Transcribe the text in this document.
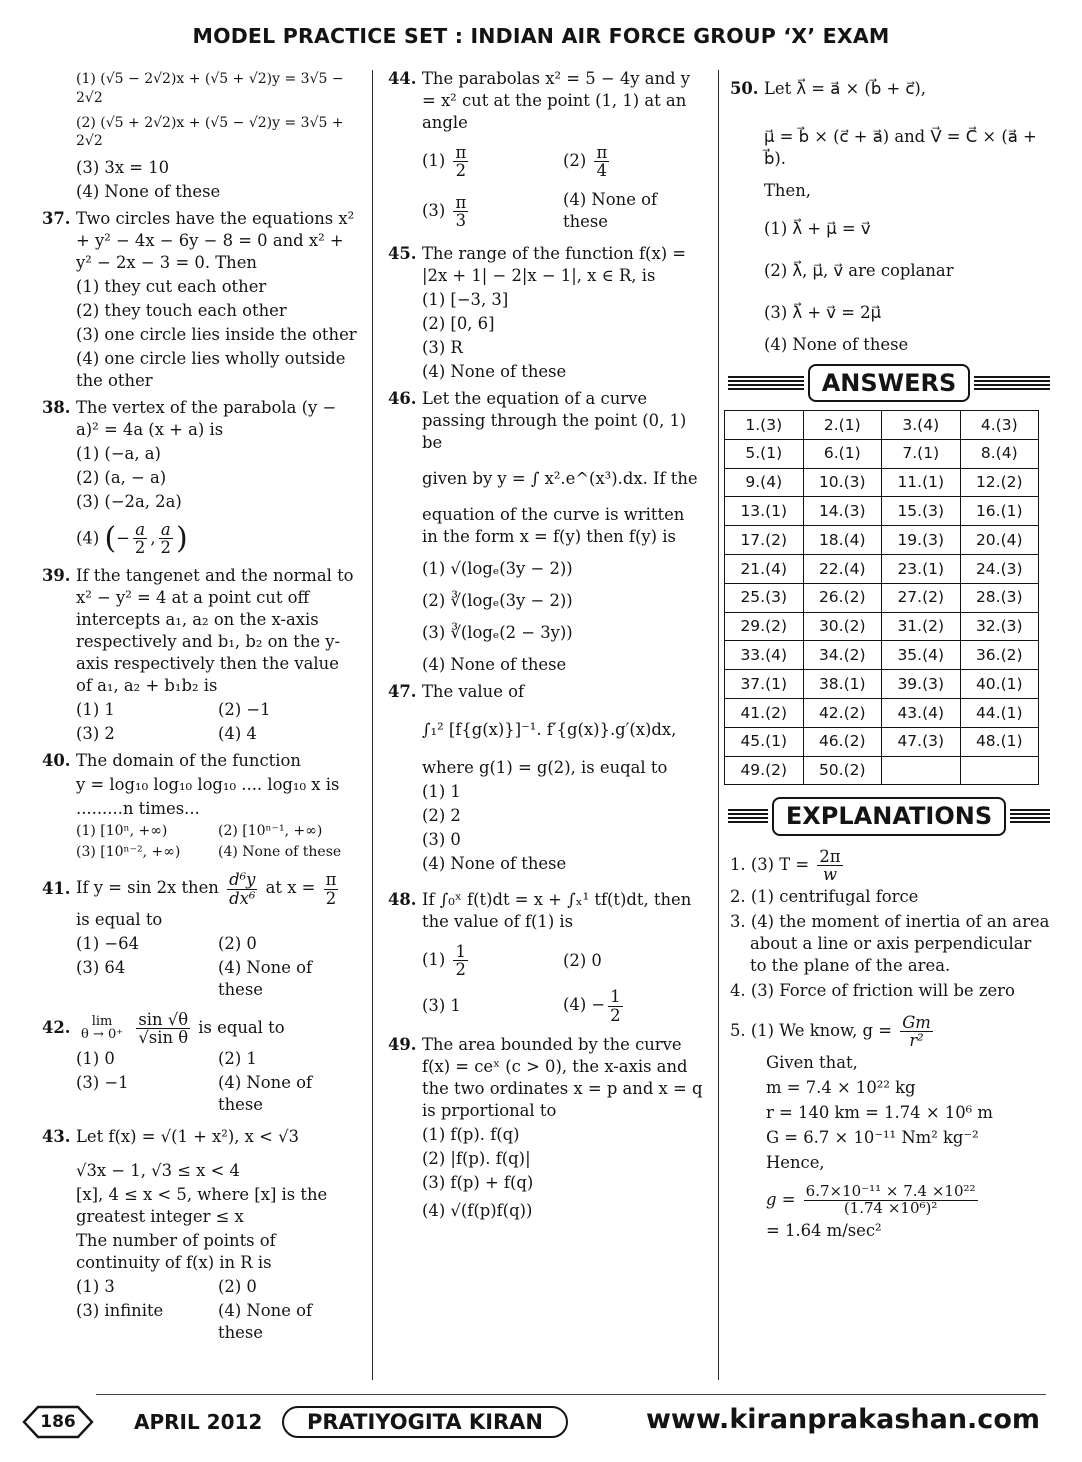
MODEL PRACTICE SET : INDIAN AIR FORCE GROUP ‘X’ EXAM
(1) (√5 − 2√2)x + (√5 + √2)y = 3√5 − 2√2
(2) (√5 + 2√2)x + (√5 − √2)y = 3√5 + 2√2
(3) 3x = 10
(4) None of these
37. Two circles have the equations x² + y² − 4x − 6y − 8 = 0 and x² + y² − 2x − 3 = 0. Then
(1) they cut each other
(2) they touch each other
(3) one circle lies inside the other
(4) one circle lies wholly outside the other
38. The vertex of the parabola (y − a)² = 4a (x + a) is
(1) (−a, a)
(2) (a, − a)
(3) (−2a, 2a)
(4) (− $\frac{a}{2}$ , $\frac{a}{2}$ )
39. If the tangenet and the normal to x² − y² = 4 at a point cut off intercepts a₁, a₂ on the x-axis respectively and b₁, b₂ on the y-axis respectively then the value of a₁, a₂ + b₁b₂ is
(1) 1	(2) −1
(3) 2	(4) 4
40. The domain of the function
y = log₁₀ log₁₀ log₁₀ .... log₁₀ x is
.........n times...
(1) [10ⁿ, +∞)	(2) [10ⁿ⁻¹, +∞)
(3) [10ⁿ⁻², +∞)	(4) None of these
41. If y = sin 2x then $\frac{\text{d⁶y}}{\text{dx⁶}}$ at $x = \frac{\pi}{2}$
is equal to
(1) −64	(2) 0
(3) 64	(4) None of these
42.	lim
θ → 0⁺
$\frac{\sin √\theta}{\text{√sin θ}}$ is equal to
(1) 0	(2) 1
(3) −1	(4) None of these
43. Let f(x) = √(1 + x²), x < √3
√3x − 1, √3 ≤ x < 4
[x], 4 ≤ x < 5, where [x] is the greatest integer ≤ x
The number of points of continuity of f(x) in R is
(1) 3	(2) 0
(3) infinite	(4) None of these
44. The parabolas x² = 5 − 4y and y = x² cut at the point (1, 1) at an angle
$(1) \frac{\pi}{2}$	$(2) \frac{\pi}{4}$
$(3) \frac{\pi}{3}$	(4) None of these
45. The range of the function f(x) = |2x + 1| − 2|x − 1|, x ∈ R, is
(1) [−3, 3]
(2) [0, 6]
(3) R
(4) None of these
46. Let the equation of a curve passing through the point (0, 1) be
given by y = ∫ x².e^(x³).dx. If the
equation of the curve is written in the form x = f(y) then f(y) is
(1) √(logₑ(3y − 2))
(2) ∛(logₑ(3y − 2))
(3) ∛(logₑ(2 − 3y))
(4) None of these
47. The value of
∫₁² [f{g(x)}]⁻¹. f′{g(x)}.g′(x)dx,
where g(1) = g(2), is euqal to
(1) 1
(2) 2
(3) 0
(4) None of these
48. If ∫₀ˣ f(t)dt = x + ∫ₓ¹ tf(t)dt, then the value of f(1) is
$(1) \frac{1}{2}$	(2) 0
(3) 1	$(4) - \frac{1}{2}$
49. The area bounded by the curve f(x) = ceˣ (c > 0), the x-axis and the two ordinates x = p and x = q is prportional to
(1) f(p). f(q)
(2) |f(p). f(q)|
(3) f(p) + f(q)
(4) √(f(p)f(q))
50. Let λ⃗ = a⃗ × (b⃗ + c⃗),
μ⃗ = b⃗ × (c⃗ + a⃗) and V⃗ = C⃗ × (a⃗ + b⃗).
Then,
(1) λ⃗ + μ⃗ = v⃗
(2) λ⃗, μ⃗, v⃗ are coplanar
(3) λ⃗ + v⃗ = 2μ⃗
(4) None of these
ANSWERS
1.(3)	2.(1)	3.(4)	4.(3)
5.(1)	6.(1)	7.(1)	8.(4)
9.(4)	10.(3)	11.(1)	12.(2)
13.(1)	14.(3)	15.(3)	16.(1)
17.(2)	18.(4)	19.(3)	20.(4)
21.(4)	22.(4)	23.(1)	24.(3)
25.(3)	26.(2)	27.(2)	28.(3)
29.(2)	30.(2)	31.(2)	32.(3)
33.(4)	34.(2)	35.(4)	36.(2)
37.(1)	38.(1)	39.(3)	40.(1)
41.(2)	42.(2)	43.(4)	44.(1)
45.(1)	46.(2)	47.(3)	48.(1)
49.(2)	50.(2)		
EXPLANATIONS
1. (3) $T = \frac{2\pi}{w}$
2. (1) centrifugal force
3. (4) the moment of inertia of an area about a line or axis perpendicular to the plane of the area.
4. (3) Force of friction will be zero
5. (1) We know, $g = \frac{Gm}{\text{r²}}$
Given that,
m = 7.4 × 10²² kg
r = 140 km = 1.74 × 10⁶ m
G = 6.7 × 10⁻¹¹ Nm² kg⁻²
Hence,
$g = \frac{\text{6.7×10⁻¹¹ × 7.4 ×10²²}}{\text{(1.74 ×10⁶)²}}$
= 1.64 m/sec²
186	APRIL 2012	PRATIYOGITA KIRAN	www.kiranprakashan.com
